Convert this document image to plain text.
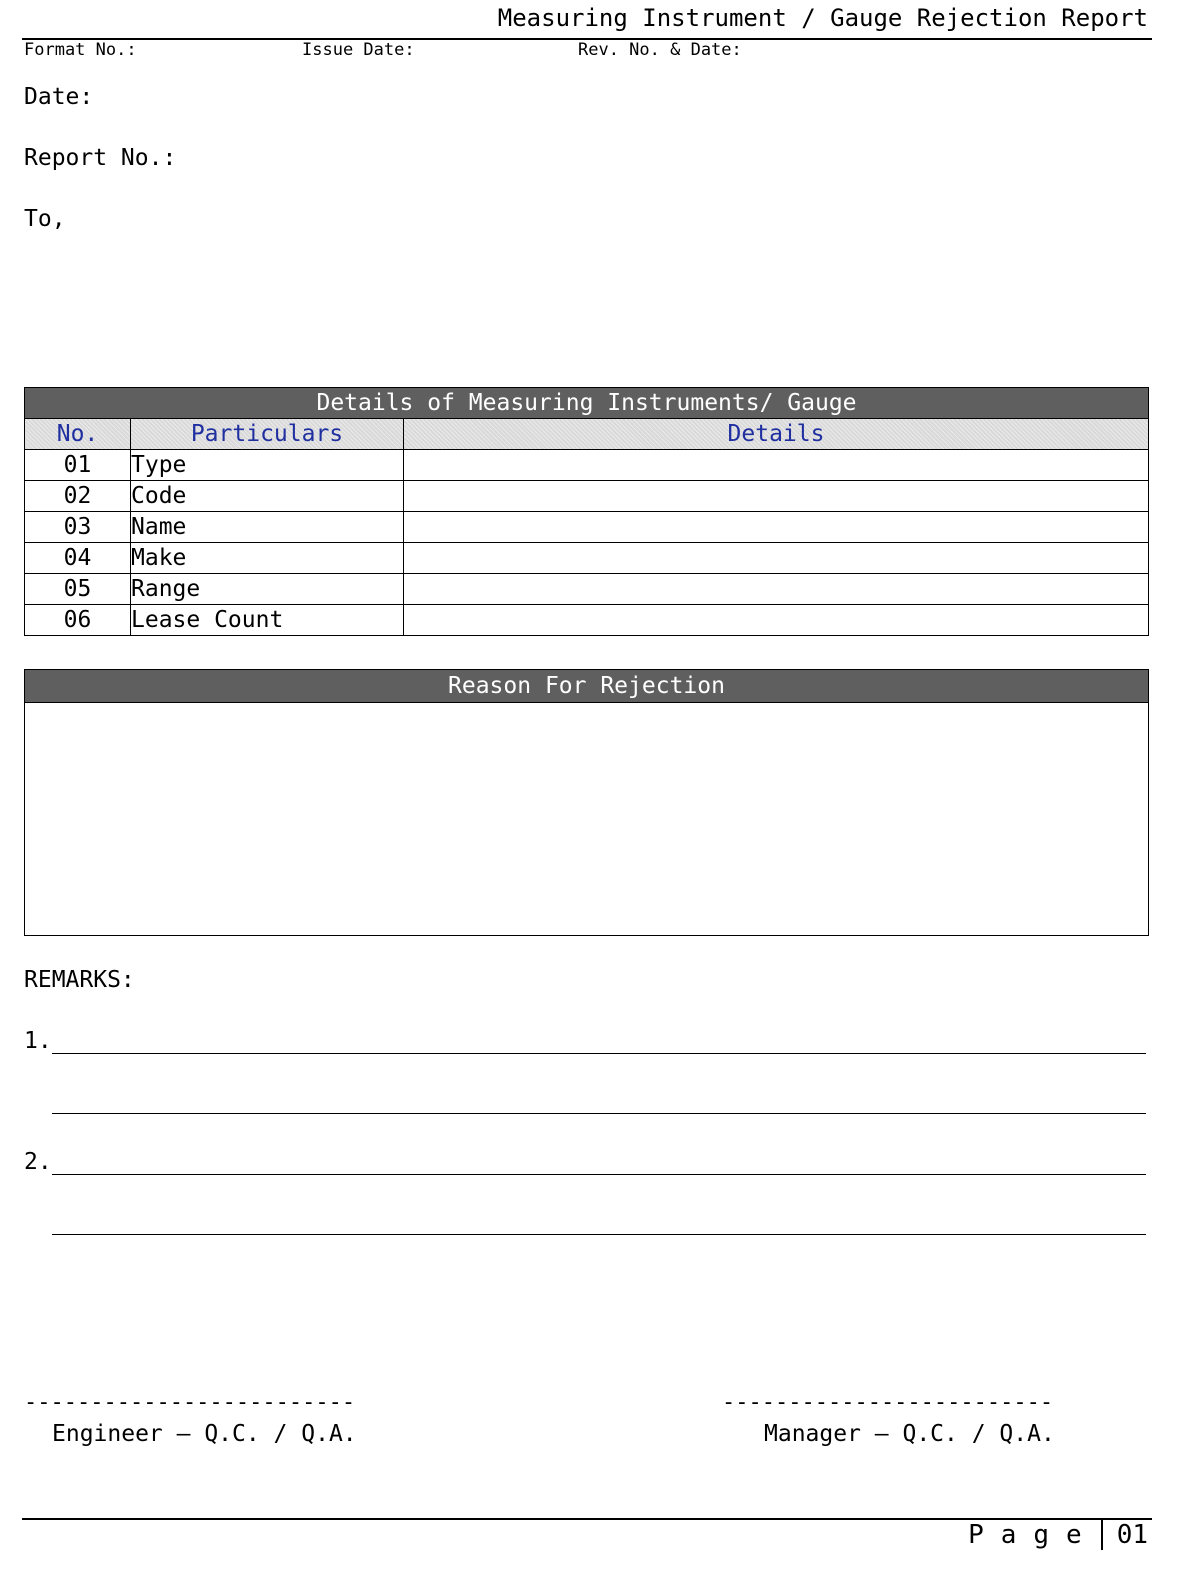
Measuring Instrument / Gauge Rejection Report
Format No.:	Issue Date:	Rev. No. & Date:
Date:
Report No.:
To,
Details of Measuring Instruments/ Gauge		
No.	Particulars	Details
01	Type	
02	Code	
03	Name	
04	Make	
05	Range	
06	Lease Count	
Reason For Rejection
REMARKS:
1.
2.
-------------------------
Engineer – Q.C. / Q.A.
-------------------------
Manager – Q.C. / Q.A.
Page 01
